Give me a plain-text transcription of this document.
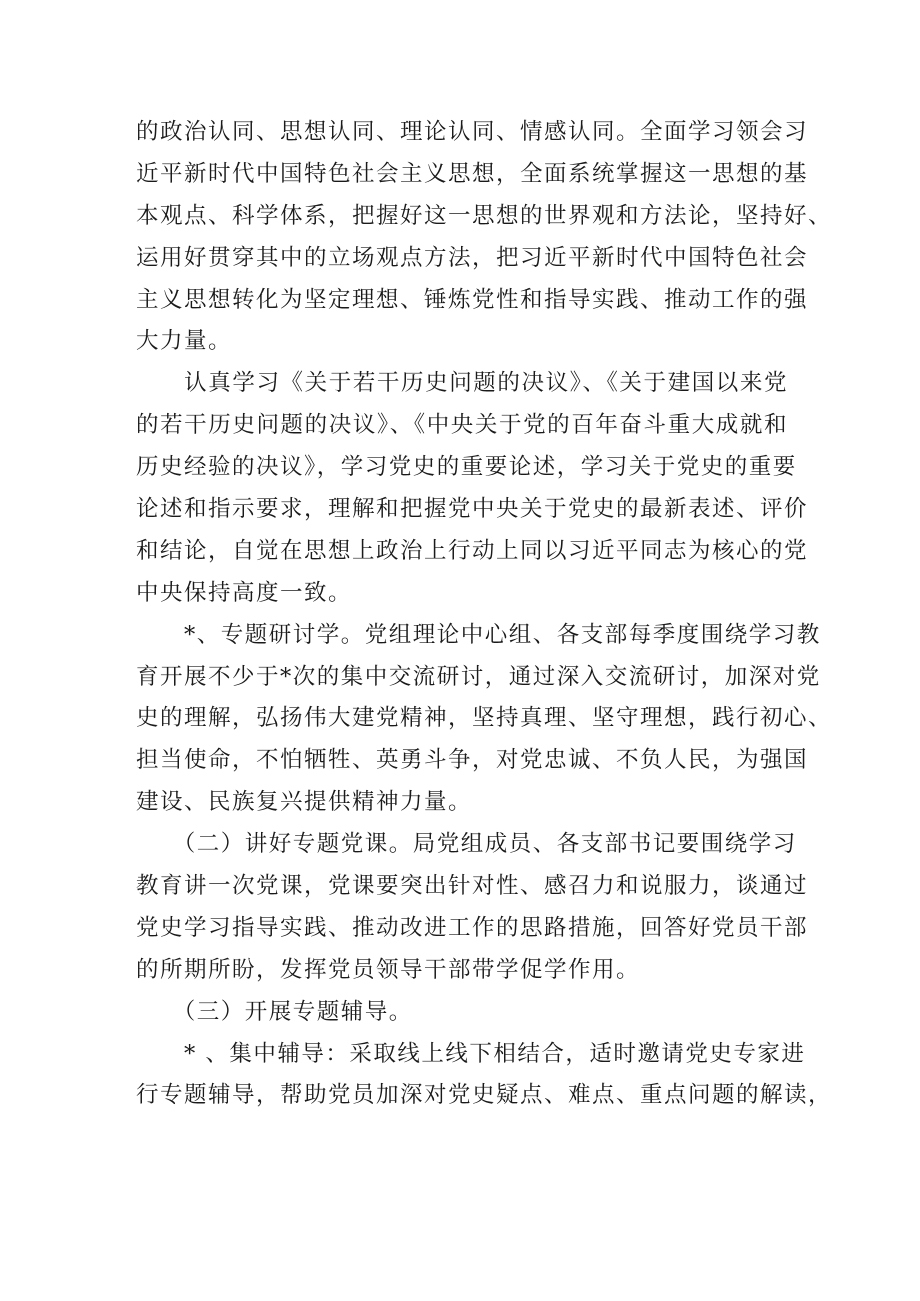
的政治认同、思想认同、理论认同、情感认同。全面学习领会习
近平新时代中国特色社会主义思想，全面系统掌握这一思想的基
本观点、科学体系，把握好这一思想的世界观和方法论，坚持好、
运用好贯穿其中的立场观点方法，把习近平新时代中国特色社会
主义思想转化为坚定理想、锤炼党性和指导实践、推动工作的强
大力量。
　　认真学习《关于若干历史问题的决议》、《关于建国以来党
的若干历史问题的决议》、《中央关于党的百年奋斗重大成就和
历史经验的决议》，学习党史的重要论述，学习关于党史的重要
论述和指示要求，理解和把握党中央关于党史的最新表述、评价
和结论，自觉在思想上政治上行动上同以习近平同志为核心的党
中央保持高度一致。
　　*、专题研讨学。党组理论中心组、各支部每季度围绕学习教
育开展不少于*次的集中交流研讨，通过深入交流研讨，加深对党
史的理解，弘扬伟大建党精神，坚持真理、坚守理想，践行初心、
担当使命，不怕牺牲、英勇斗争，对党忠诚、不负人民，为强国
建设、民族复兴提供精神力量。
　　（二）讲好专题党课。局党组成员、各支部书记要围绕学习
教育讲一次党课，党课要突出针对性、感召力和说服力，谈通过
党史学习指导实践、推动改进工作的思路措施，回答好党员干部
的所期所盼，发挥党员领导干部带学促学作用。
　　（三）开展专题辅导。
　　* 、集中辅导：采取线上线下相结合，适时邀请党史专家进
行专题辅导，帮助党员加深对党史疑点、难点、重点问题的解读，
